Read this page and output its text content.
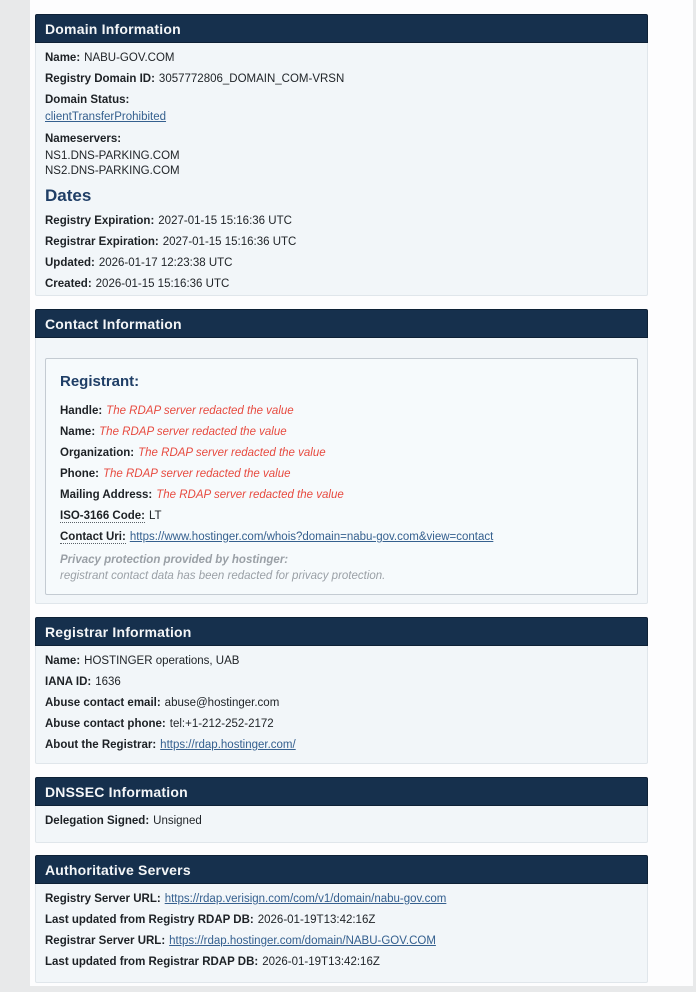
Domain Information
Name: NABU-GOV.COM
Registry Domain ID: 3057772806_DOMAIN_COM-VRSN
Domain Status:
clientTransferProhibited
Nameservers:
NS1.DNS-PARKING.COM
NS2.DNS-PARKING.COM
Dates
Registry Expiration: 2027-01-15 15:16:36 UTC
Registrar Expiration: 2027-01-15 15:16:36 UTC
Updated: 2026-01-17 12:23:38 UTC
Created: 2026-01-15 15:16:36 UTC
Contact Information
Registrant:
Handle: The RDAP server redacted the value
Name: The RDAP server redacted the value
Organization: The RDAP server redacted the value
Phone: The RDAP server redacted the value
Mailing Address: The RDAP server redacted the value
ISO-3166 Code: LT
Contact Uri: https://www.hostinger.com/whois?domain=nabu-gov.com&view=contact
Privacy protection provided by hostinger:
registrant contact data has been redacted for privacy protection.
Registrar Information
Name: HOSTINGER operations, UAB
IANA ID: 1636
Abuse contact email: abuse@hostinger.com
Abuse contact phone: tel:+1-212-252-2172
About the Registrar: https://rdap.hostinger.com/
DNSSEC Information
Delegation Signed: Unsigned
Authoritative Servers
Registry Server URL: https://rdap.verisign.com/com/v1/domain/nabu-gov.com
Last updated from Registry RDAP DB: 2026-01-19T13:42:16Z
Registrar Server URL: https://rdap.hostinger.com/domain/NABU-GOV.COM
Last updated from Registrar RDAP DB: 2026-01-19T13:42:16Z
